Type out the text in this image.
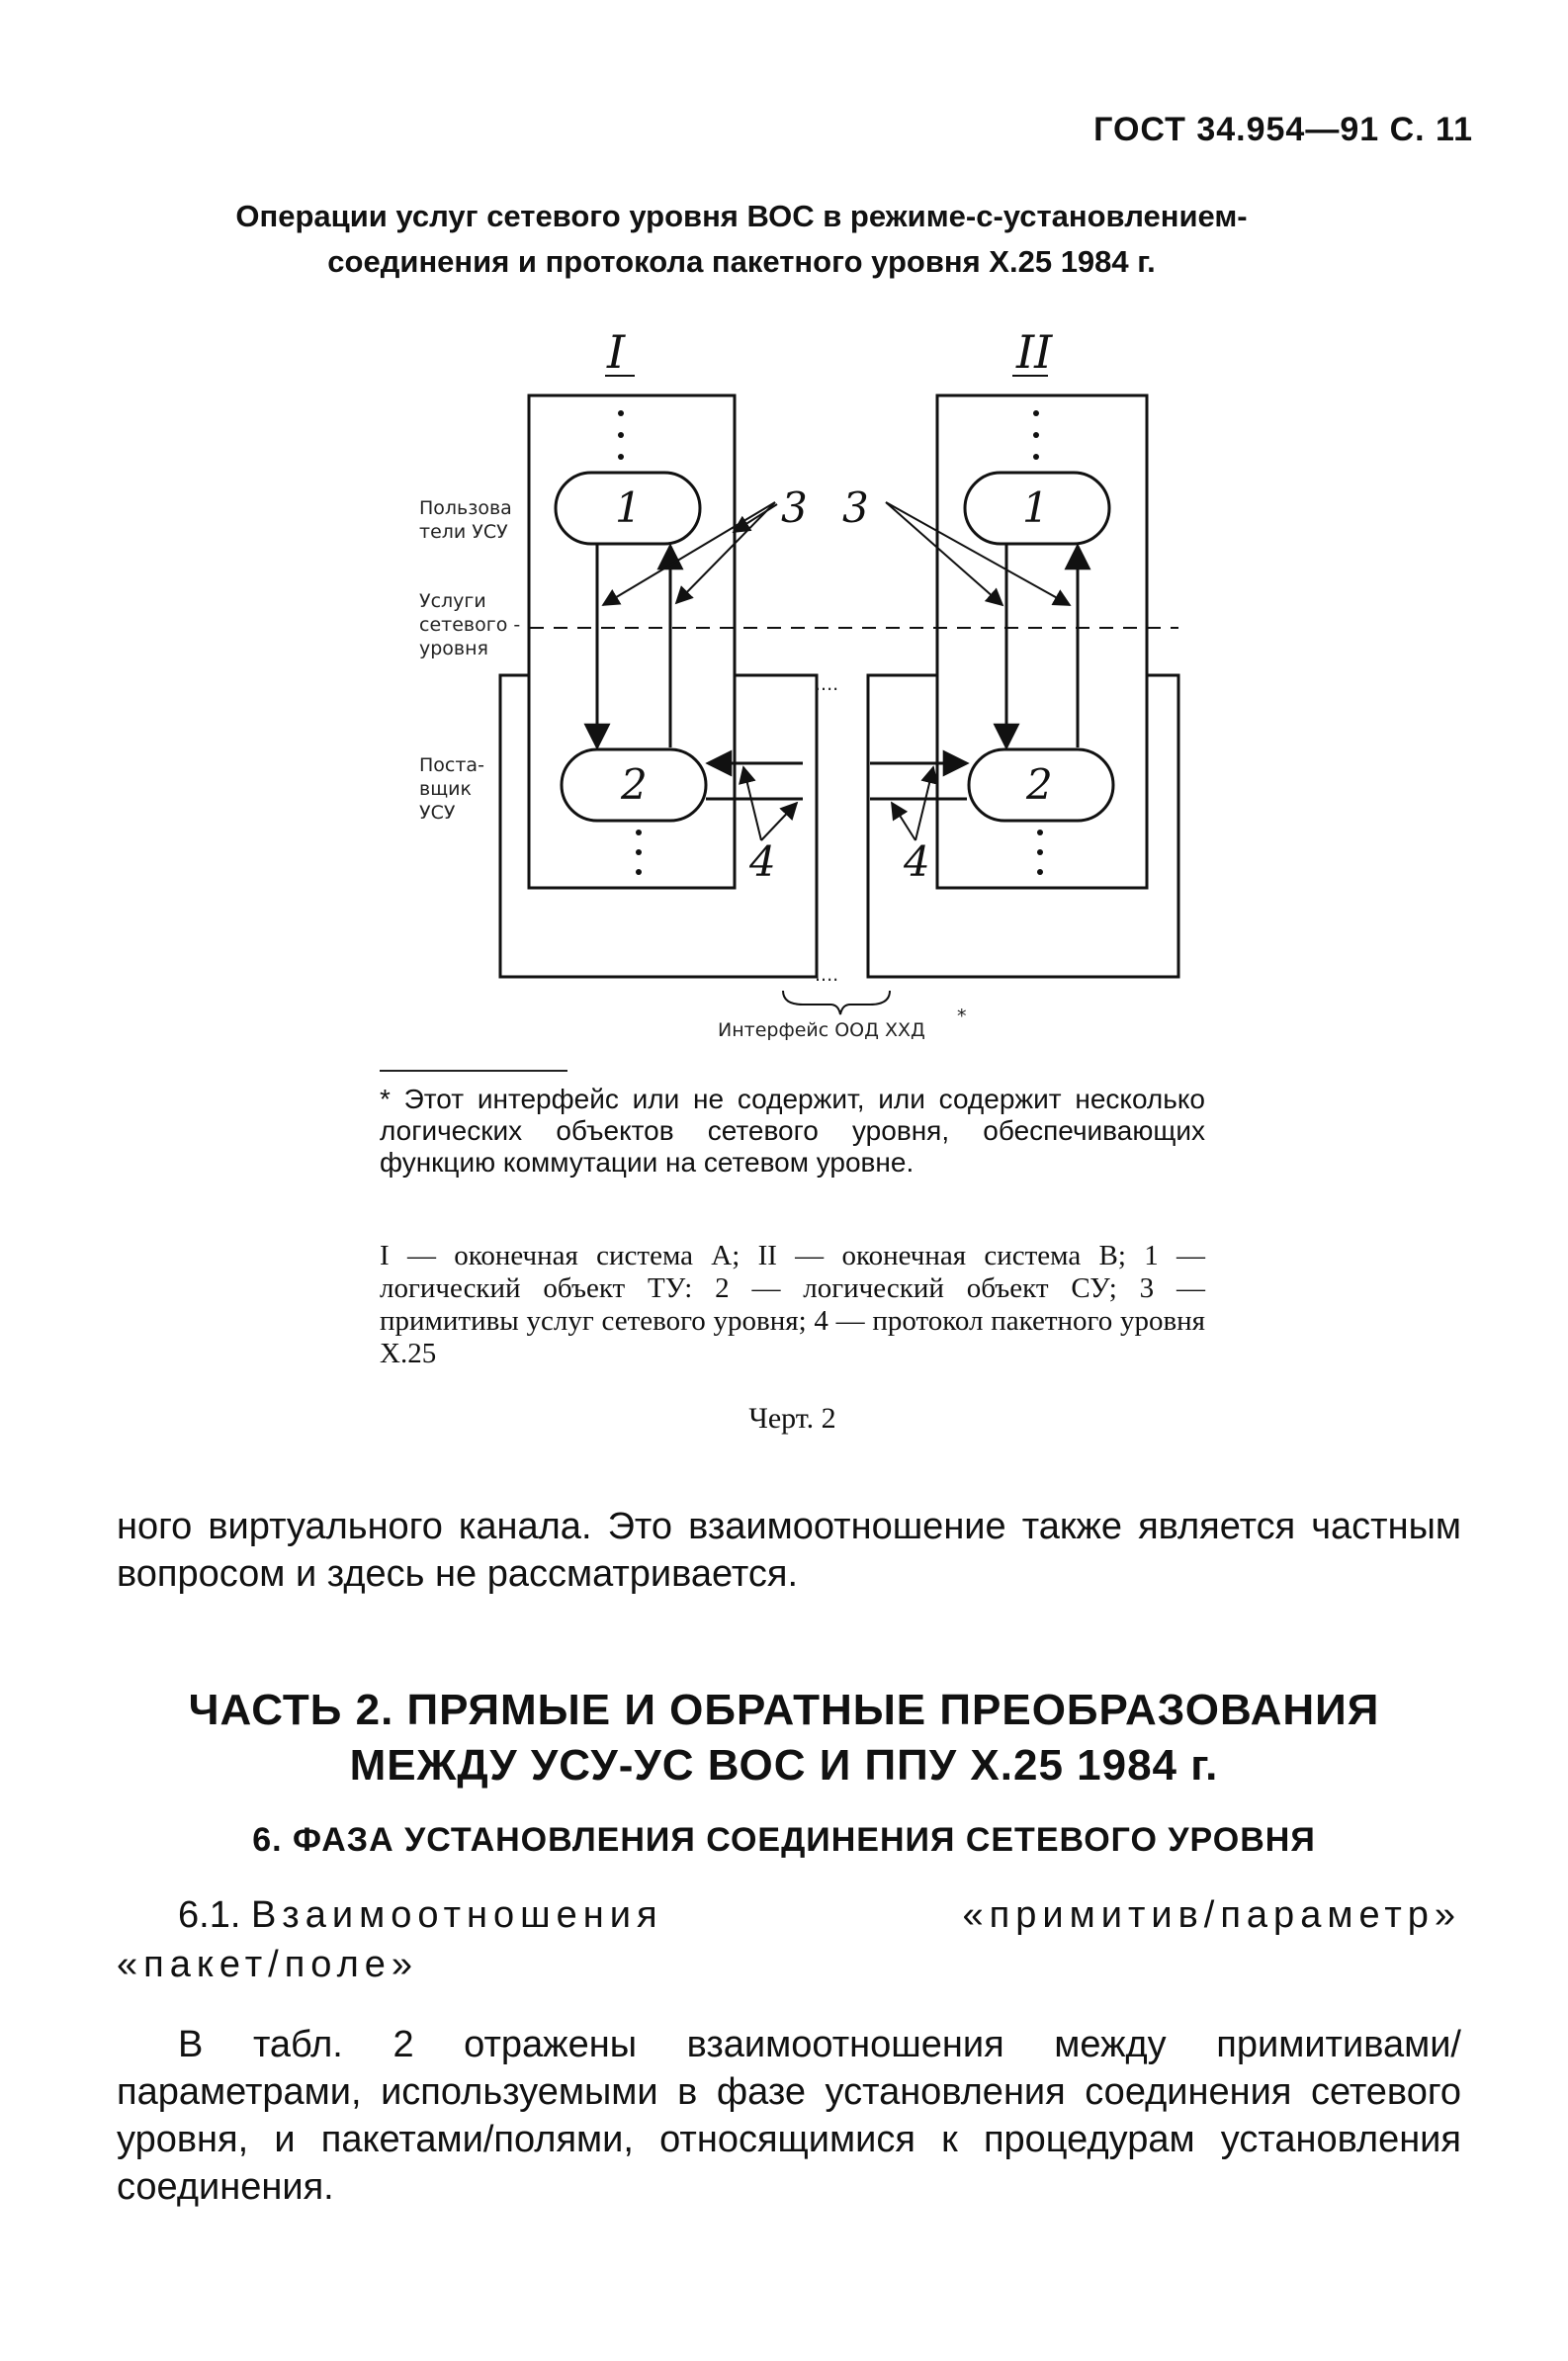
ГОСТ 34.954—91 С. 11
Операции услуг сетевого уровня ВОС в режиме-с-установлением-
соединения и протокола пакетного уровня Х.25 1984 г.
I	II
1	1
2	2
3 3
4	4
....
....
Интерфейс ООД ХХД
*
Пользова
тели УСУ
Услуги
сетевого -
уровня
Поста-
вщик
УСУ
* Этот интерфейс или не содержит, или содержит несколько логических объектов сетевого уровня, обеспечивающих функцию коммутации на сетевом уровне.
I — оконечная система А; II — оконечная система В; 1 — логический объект ТУ: 2 — логический объект СУ; 3 — примитивы услуг сетевого уровня; 4 — протокол пакетного уровня Х.25
Черт. 2
ного виртуального канала. Это взаимоотношение также является частным вопросом и здесь не рассматривается.
ЧАСТЬ 2. ПРЯМЫЕ И ОБРАТНЫЕ ПРЕОБРАЗОВАНИЯ
МЕЖДУ УСУ-УС ВОС И ППУ Х.25 1984 г.
6. ФАЗА УСТАНОВЛЕНИЯ СОЕДИНЕНИЯ СЕТЕВОГО УРОВНЯ
6.1. Взаимоотношения	«примитив/параметр»
«пакет/поле»
В табл. 2 отражены взаимоотношения между примитивами/параметрами, используемыми в фазе установления соединения сетевого уровня, и пакетами/полями, относящимися к процедурам установления соединения.
